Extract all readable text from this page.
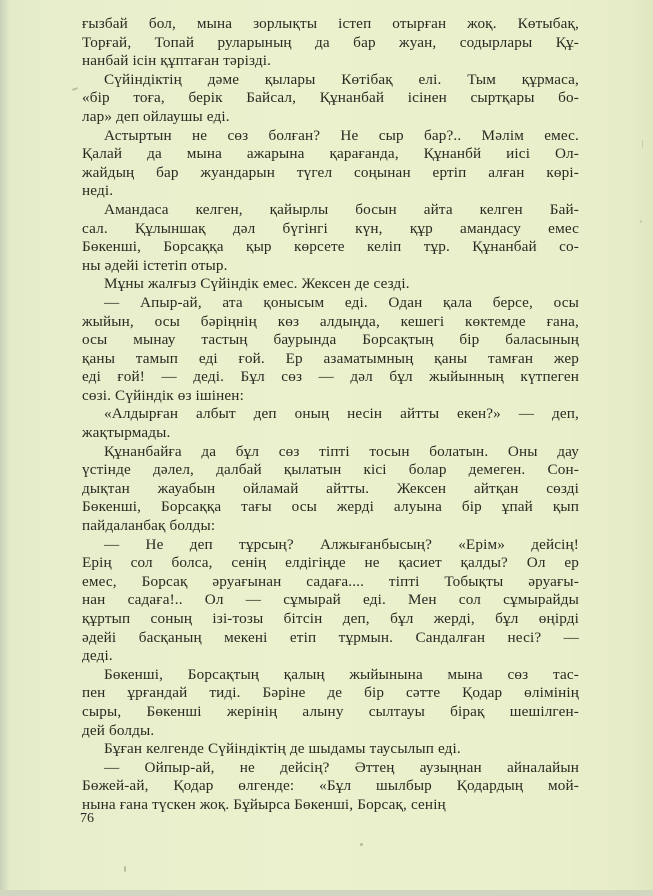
ғызбай бол, мына зорлықты істеп отырған жоқ. Көтыбақ,
Торғай, Топай руларының да бар жуан, содырлары Құ-
нанбай ісін құптаған тәрізді.
Сүйіндіктің дәме қылары Көтібақ елі. Тым құрмаса,
«бір тоға, берік Байсал, Құнанбай ісінен сыртқары бо-
лар» деп ойлаушы еді.
Астыртын не сөз болған? Не сыр бар?.. Мәлім емес.
Қалай да мына ажарына қарағанда, Құнанбй иісі Ол-
жайдың бар жуандарын түгел соңынан ертіп алған көрі-
неді.
Амандаса келген, қайырлы босын айта келген Бай-
сал. Құлыншақ дәл бүгінгі күн, құр амандасу емес
Бөкеншi, Борсаққа қыр көрсете келіп тұр. Құнанбай со-
ны әдейі істетіп отыр.
Мұны жалғыз Сүйіндік емес. Жексен де сезді.
— Апыр-ай, ата қонысым еді. Одан қала берсе, осы
жыйын, осы бәріңнің көз алдыңда, кешегі көктемде ғана,
осы мынау тастың баурында Борсақтың бір баласының
қаны тамып еді ғой. Ер азаматымның қаны тамған жер
еді ғой! — деді. Бұл сөз — дәл бұл жыйынның күтпеген
сөзі. Сүйіндік өз ішінен:
«Алдырған албыт деп оның несін айтты екен?» — деп,
жақтырмады.
Құнанбайға да бұл сөз тіпті тосын болатын. Оны дау
үстінде дәлел, далбай қылатын кісі болар демеген. Сон-
дықтан жауабын ойламай айтты. Жексен айтқан сөзді
Бөкенші, Борсаққа тағы осы жерді алуына бір ұпай қып
пайдаланбақ болды:
— Не деп тұрсың? Алжығанбысың? «Ерім» дейсің!
Ерің сол болса, сенің елдігіңде не қасиет қалды? Ол ер
емес, Борсақ әруағынан садаға.... тіпті Тобықты әруағы-
нан садаға!.. Ол — сұмырай еді. Мен сол сұмырайды
құртып соның ізі-тозы бітсін деп, бұл жерді, бұл өңірді
әдейі басқаның мекені етіп тұрмын. Сандалған несі? —
деді.
Бөкенші, Борсақтың қалың жыйынына мына сөз тас-
пен ұрғандай тиді. Бәріне де бір сәтте Қодар өлімінің
сыры, Бөкенші жерінің алыну сылтауы бірақ шешілген-
дей болды.
Бұған келгенде Сүйіндіктің де шыдамы таусылып еді.
— Ойпыр-ай, не дейсің? Әттең аузыңнан айналайын
Бөжей-ай, Қодар өлгенде: «Бұл шылбыр Қодардың мой-
нына ғана түскен жоқ. Бұйырса Бөкенші, Борсақ, сенің
76
